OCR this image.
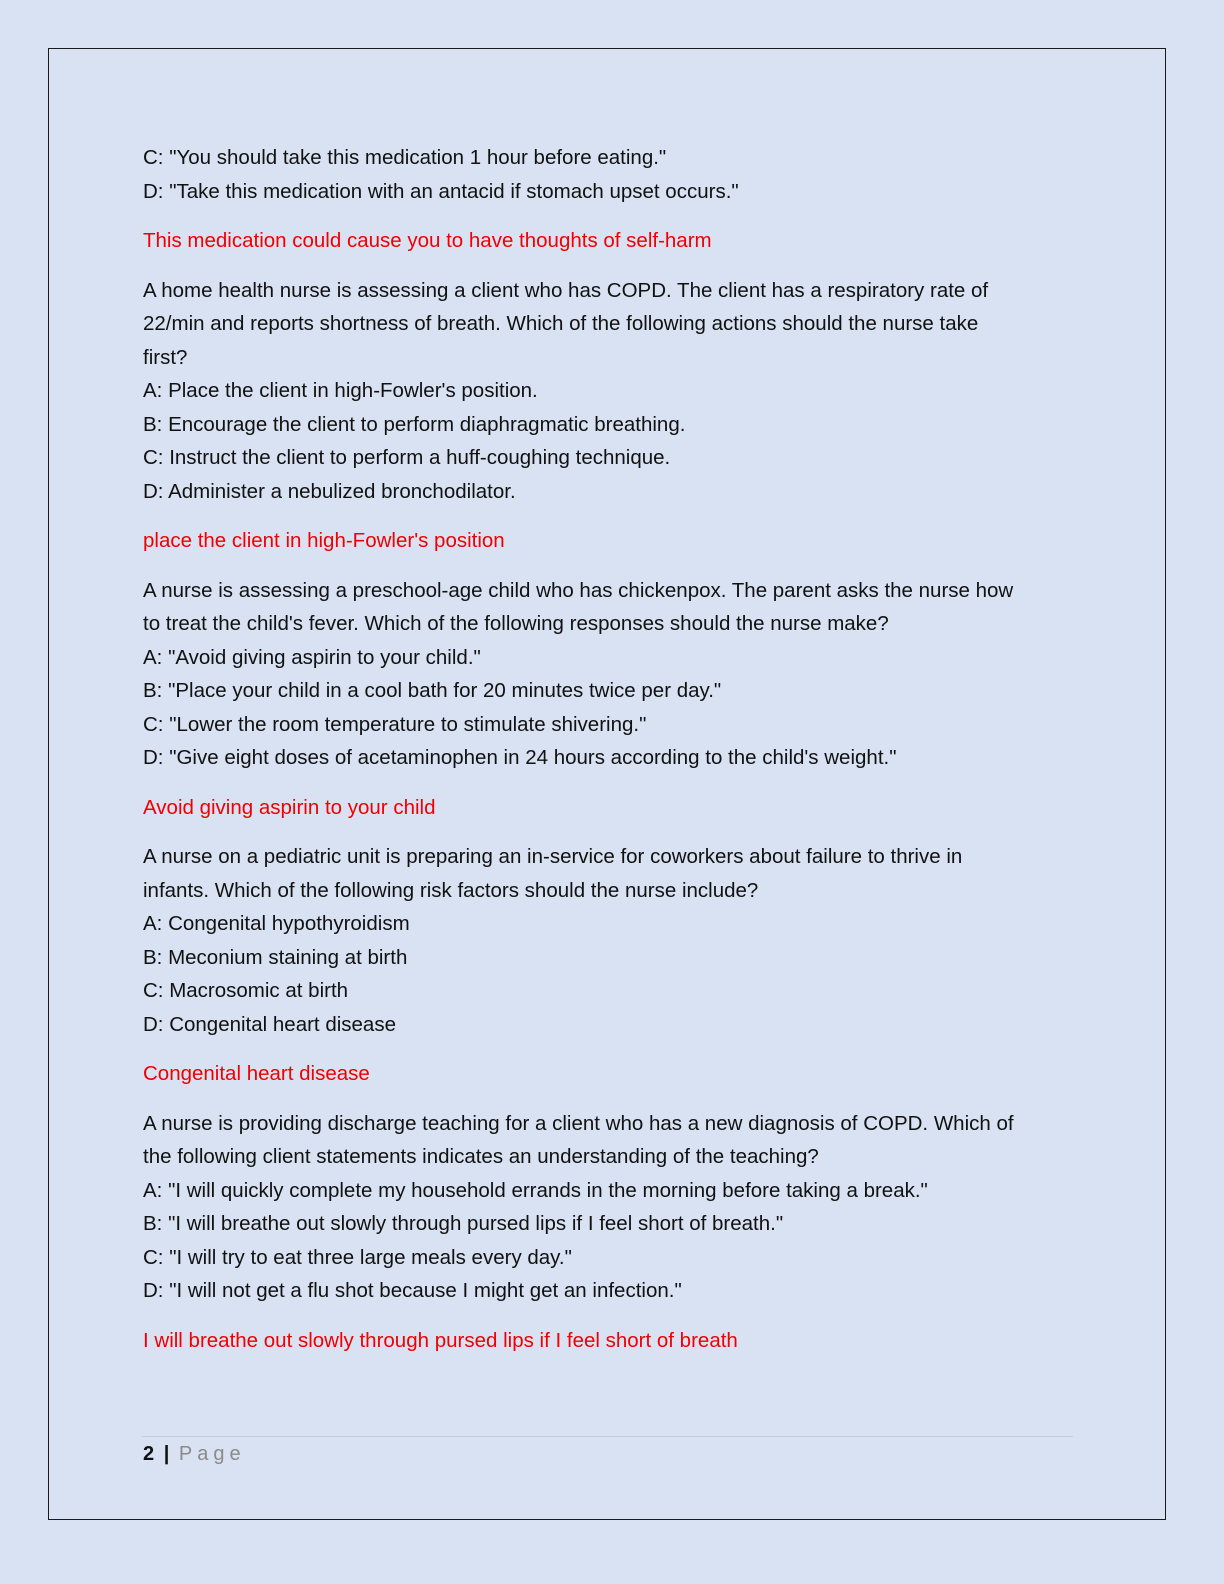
C: "You should take this medication 1 hour before eating."
D: "Take this medication with an antacid if stomach upset occurs."
This medication could cause you to have thoughts of self-harm
A home health nurse is assessing a client who has COPD. The client has a respiratory rate of
22/min and reports shortness of breath. Which of the following actions should the nurse take
first?
A: Place the client in high-Fowler's position.
B: Encourage the client to perform diaphragmatic breathing.
C: Instruct the client to perform a huff-coughing technique.
D: Administer a nebulized bronchodilator.
place the client in high-Fowler's position
A nurse is assessing a preschool-age child who has chickenpox. The parent asks the nurse how
to treat the child's fever. Which of the following responses should the nurse make?
A: "Avoid giving aspirin to your child."
B: "Place your child in a cool bath for 20 minutes twice per day."
C: "Lower the room temperature to stimulate shivering."
D: "Give eight doses of acetaminophen in 24 hours according to the child's weight."
Avoid giving aspirin to your child
A nurse on a pediatric unit is preparing an in-service for coworkers about failure to thrive in
infants. Which of the following risk factors should the nurse include?
A: Congenital hypothyroidism
B: Meconium staining at birth
C: Macrosomic at birth
D: Congenital heart disease
Congenital heart disease
A nurse is providing discharge teaching for a client who has a new diagnosis of COPD. Which of
the following client statements indicates an understanding of the teaching?
A: "I will quickly complete my household errands in the morning before taking a break."
B: "I will breathe out slowly through pursed lips if I feel short of breath."
C: "I will try to eat three large meals every day."
D: "I will not get a flu shot because I might get an infection."
I will breathe out slowly through pursed lips if I feel short of breath
2 | Page
